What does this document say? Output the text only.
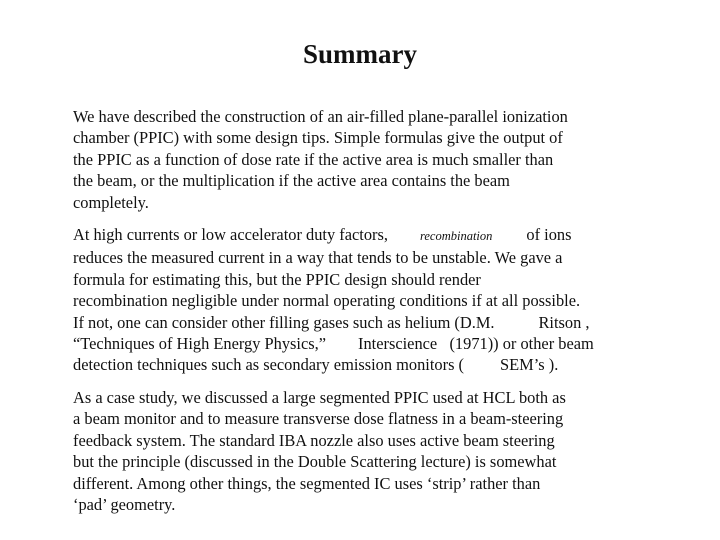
Summary
We have described the construction of an air-filled plane-parallel ionization
chamber (PPIC) with some design tips. Simple formulas give the output of
the PPIC as a function of dose rate if the active area is much smaller than
the beam, or the multiplication if the active area contains the beam
completely.
At high currents or low accelerator duty factors,	recombination of ions
reduces the measured current in a way that tends to be unstable. We gave a
formula for estimating this, but the PPIC design should render
recombination negligible under normal operating conditions if at all possible.
If not, one can consider other filling gases such as helium (D.M.	Ritson ,
“Techniques of High Energy Physics,” Interscience   (1971)) or other beam
detection techniques such as secondary emission monitors ( SEM’s ).
As a case study, we discussed a large segmented PPIC used at HCL both as
a beam monitor and to measure transverse dose flatness in a beam-steering
feedback system. The standard IBA nozzle also uses active beam steering
but the principle (discussed in the Double Scattering lecture) is somewhat
different. Among other things, the segmented IC uses ‘strip’ rather than
‘pad’ geometry.
